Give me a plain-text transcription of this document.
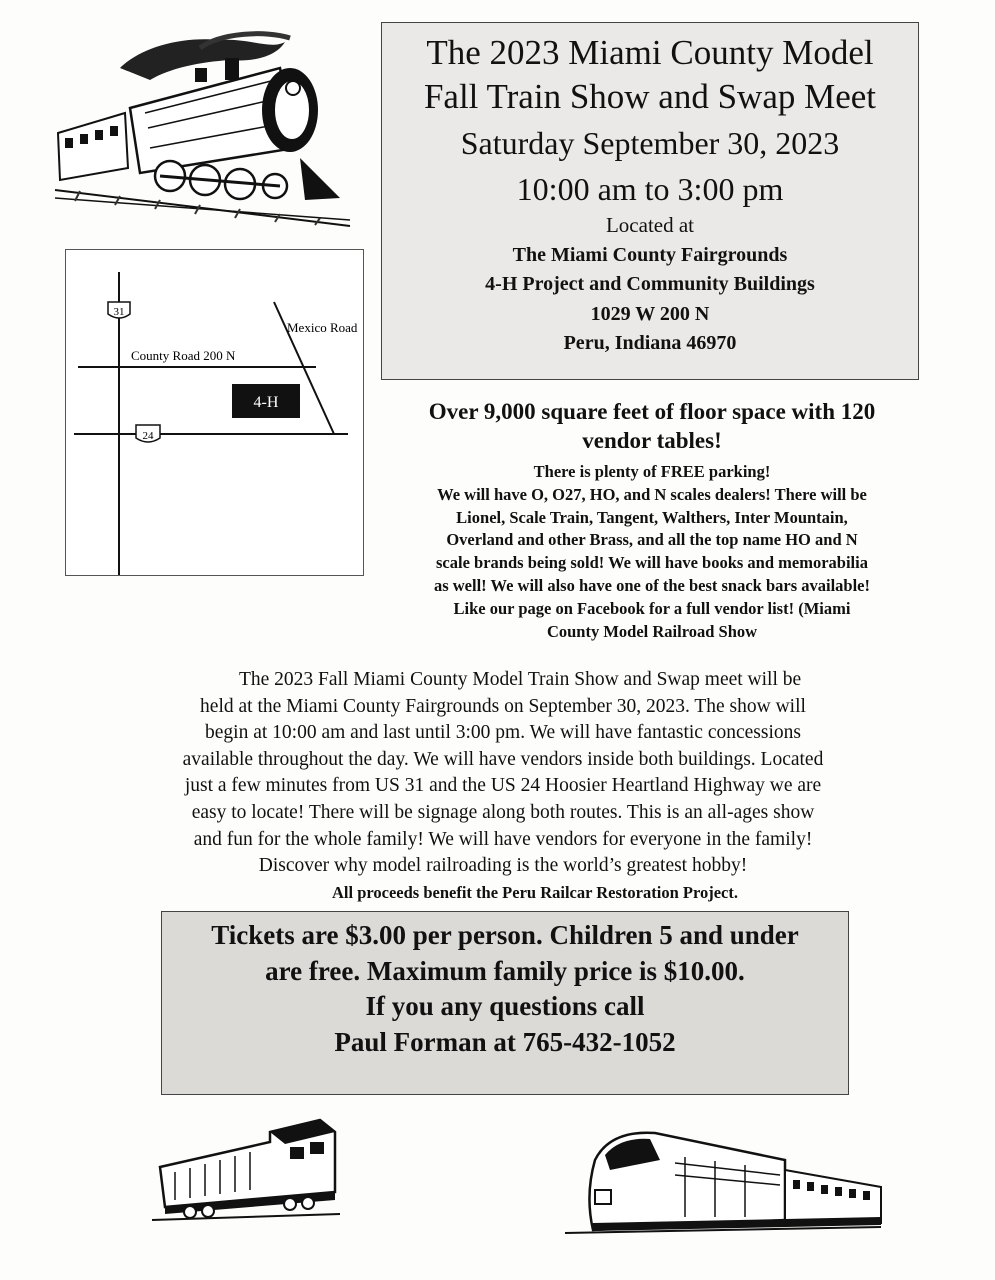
The 2023 Miami County Model
Fall Train Show and Swap Meet
Saturday September 30, 2023
10:00 am to 3:00 pm
Located at
The Miami County Fairgrounds
4-H Project and Community Buildings
1029 W 200 N
Peru, Indiana 46970
31
24
County Road 200 N
Mexico Road
4-H	Over 9,000 square feet of floor space with 120
vendor tables!
There is plenty of FREE parking!
We will have O, O27, HO, and N scales dealers! There will be
Lionel, Scale Train, Tangent, Walthers, Inter Mountain,
Overland and other Brass, and all the top name HO and N
scale brands being sold! We will have books and memorabilia
as well! We will also have one of the best snack bars available!
Like our page on Facebook for a full vendor list! (Miami
County Model Railroad Show
The 2023 Fall Miami County Model Train Show and Swap meet will be
held at the Miami County Fairgrounds on September 30, 2023. The show will
begin at 10:00 am and last until 3:00 pm. We will have fantastic concessions
available throughout the day. We will have vendors inside both buildings. Located
just a few minutes from US 31 and the US 24 Hoosier Heartland Highway we are
easy to locate! There will be signage along both routes. This is an all-ages show
and fun for the whole family! We will have vendors for everyone in the family!
Discover why model railroading is the world’s greatest hobby!
All proceeds benefit the Peru Railcar Restoration Project.
Tickets are $3.00 per person. Children 5 and under
are free. Maximum family price is $10.00.
If you any questions call
Paul Forman at 765-432-1052
